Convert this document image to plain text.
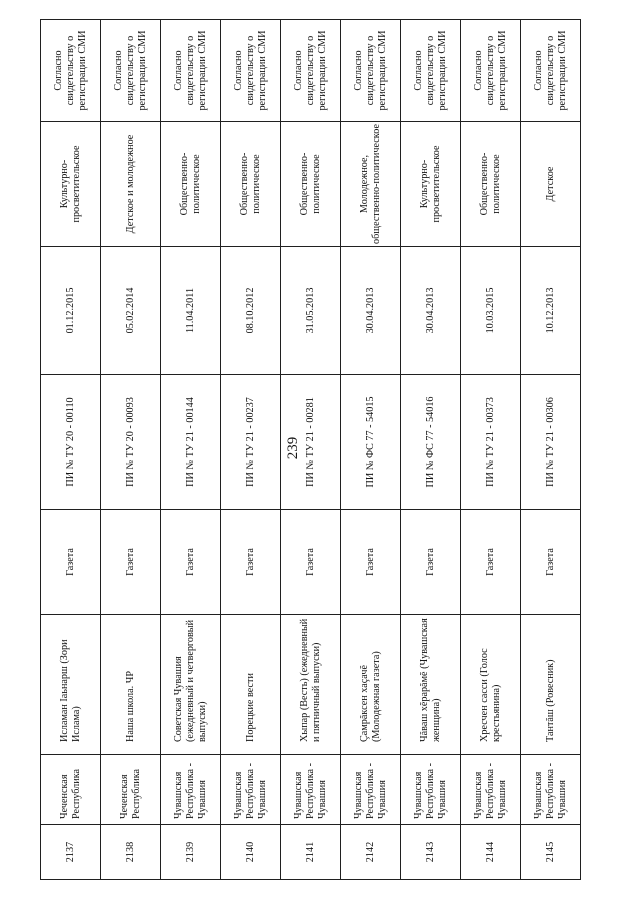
239
2137	Чеченская Республика	Исламан Іаьнарш (Зори Ислама)	Газета	ПИ № ТУ 20 - 00110	01.12.2015	Культурно-просветительское	Согласно свидетельству о регистрации СМИ
2138	Чеченская Республика	Наша школа. ЧР	Газета	ПИ № ТУ 20 - 00093	05.02.2014	Детское и молодежное	Согласно свидетельству о регистрации СМИ
2139	Чувашская Республика - Чувашия	Советская Чувашия (ежедневный и четверговый выпуски)	Газета	ПИ № ТУ 21 - 00144	11.04.2011	Общественно-политическое	Согласно свидетельству о регистрации СМИ
2140	Чувашская Республика - Чувашия	Порецкие вести	Газета	ПИ № ТУ 21 - 00237	08.10.2012	Общественно-политическое	Согласно свидетельству о регистрации СМИ
2141	Чувашская Республика - Чувашия	Хыпар (Весть) (ежедневный и пятничный выпуски)	Газета	ПИ № ТУ 21 - 00281	31.05.2013	Общественно-политическое	Согласно свидетельству о регистрации СМИ
2142	Чувашская Республика - Чувашия	Çамрăксен хаçачĕ (Молодежная газета)	Газета	ПИ № ФС 77 - 54015	30.04.2013	Молодежное, общественно-политическое	Согласно свидетельству о регистрации СМИ
2143	Чувашская Республика - Чувашия	Чăваш хĕрарăмĕ (Чувашская женщина)	Газета	ПИ № ФС 77 - 54016	30.04.2013	Культурно-просветительское	Согласно свидетельству о регистрации СМИ
2144	Чувашская Республика - Чувашия	Хресчен сасси (Голос крестьянина)	Газета	ПИ № ТУ 21 - 00373	10.03.2015	Общественно-политическое	Согласно свидетельству о регистрации СМИ
2145	Чувашская Республика - Чувашия	Тантăш (Ровесник)	Газета	ПИ № ТУ 21 - 00306	10.12.2013	Детское	Согласно свидетельству о регистрации СМИ
